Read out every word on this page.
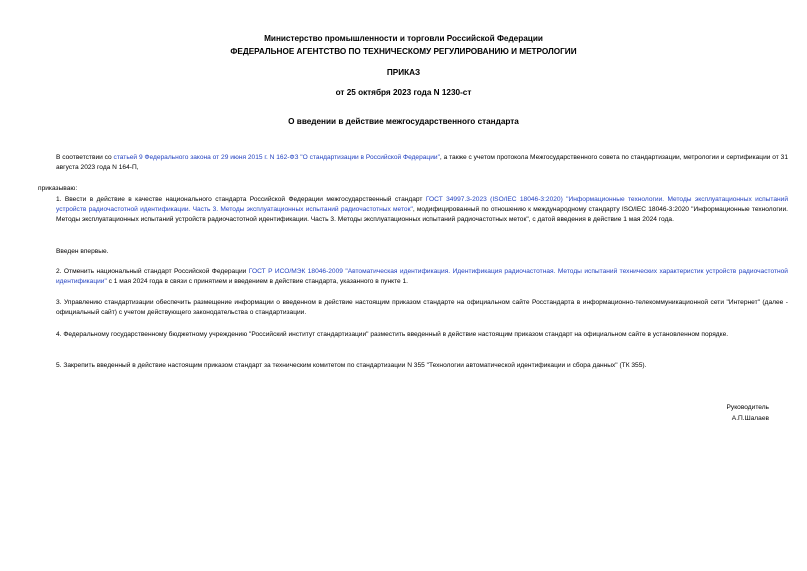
Министерство промышленности и торговли Российской Федерации
ФЕДЕРАЛЬНОЕ АГЕНТСТВО ПО ТЕХНИЧЕСКОМУ РЕГУЛИРОВАНИЮ И МЕТРОЛОГИИ
ПРИКАЗ
от 25 октября 2023 года N 1230-ст
О введении в действие межгосударственного стандарта
В соответствии со статьей 9 Федерального закона от 29 июня 2015 г. N 162-ФЗ "О стандартизации в Российской Федерации", а также с учетом протокола Межгосударственного совета по стандартизации, метрологии и сертификации от 31 августа 2023 года N 164-П,
приказываю:
1. Ввести в действие в качестве национального стандарта Российской Федерации межгосударственный стандарт ГОСТ 34997.3-2023 (ISO/IEC 18046-3:2020) "Информационные технологии. Методы эксплуатационных испытаний устройств радиочастотной идентификации. Часть 3. Методы эксплуатационных испытаний радиочастотных меток", модифицированный по отношению к международному стандарту ISO/IEC 18046-3:2020 "Информационные технологии. Методы эксплуатационных испытаний устройств радиочастотной идентификации. Часть 3. Методы эксплуатационных испытаний радиочастотных меток", с датой введения в действие 1 мая 2024 года.
Введен впервые.
2. Отменить национальный стандарт Российской Федерации ГОСТ Р ИСО/МЭК 18046-2009 "Автоматическая идентификация. Идентификация радиочастотная. Методы испытаний технических характеристик устройств радиочастотной идентификации" с 1 мая 2024 года в связи с принятием и введением в действие стандарта, указанного в пункте 1.
3. Управлению стандартизации обеспечить размещение информации о введенном в действие настоящим приказом стандарте на официальном сайте Росстандарта в информационно-телекоммуникационной сети "Интернет" (далее - официальный сайт) с учетом действующего законодательства о стандартизации.
4. Федеральному государственному бюджетному учреждению "Российский институт стандартизации" разместить введенный в действие настоящим приказом стандарт на официальном сайте в установленном порядке.
5. Закрепить введенный в действие настоящим приказом стандарт за техническим комитетом по стандартизации N 355 "Технологии автоматической идентификации и сбора данных" (ТК 355).
Руководитель
А.П.Шалаев
